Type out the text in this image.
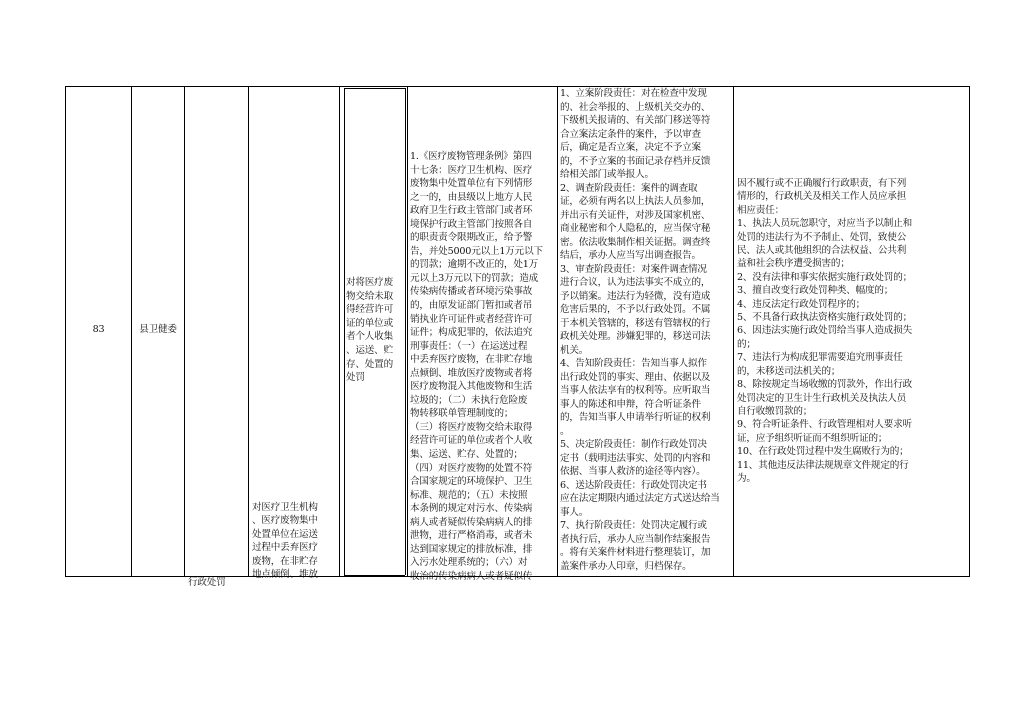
83	县卫健委
行政处罚
对医疗卫生机构
、医疗废物集中
处置单位在运送
过程中丢弃医疗
废物，在非贮存
地点倾倒、堆放
对将医疗废
物交给未取
得经营许可
证的单位或
者个人收集
、运送、贮
存、处置的
处罚
1.《医疗废物管理条例》第四
十七条：医疗卫生机构、医疗
废物集中处置单位有下列情形
之一的，由县级以上地方人民
政府卫生行政主管部门或者环
境保护行政主管部门按照各自
的职责责令限期改正，给予警
告，并处5000元以上1万元以下
的罚款；逾期不改正的，处1万
元以上3万元以下的罚款；造成
传染病传播或者环境污染事故
的，由原发证部门暂扣或者吊
销执业许可证件或者经营许可
证件；构成犯罪的，依法追究
刑事责任：（一）在运送过程
中丢弃医疗废物，在非贮存地
点倾倒、堆放医疗废物或者将
医疗废物混入其他废物和生活
垃圾的；（二）未执行危险废
物转移联单管理制度的；
（三）将医疗废物交给未取得
经营许可证的单位或者个人收
集、运送、贮存、处置的；
（四）对医疗废物的处置不符
合国家规定的环境保护、卫生
标准、规范的；（五）未按照
本条例的规定对污水、传染病
病人或者疑似传染病病人的排
泄物，进行严格消毒，或者未
达到国家规定的排放标准，排
入污水处理系统的；（六）对
收治的传染病病人或者疑似传
1、立案阶段责任：对在检查中发现
的、社会举报的、上级机关交办的、
下级机关报请的、有关部门移送等符
合立案法定条件的案件，予以审查
后，确定是否立案，决定不予立案
的，不予立案的书面记录存档并反馈
给相关部门或举报人。
2、调查阶段责任：案件的调查取
证，必须有两名以上执法人员参加，
并出示有关证件，对涉及国家机密、
商业秘密和个人隐私的，应当保守秘
密。依法收集制作相关证据。调查终
结后，承办人应当写出调查报告。
3、审查阶段责任：对案件调查情况
进行合议，认为违法事实不成立的，
予以销案。违法行为轻微，没有造成
危害后果的，不予以行政处罚。不属
于本机关管辖的，移送有管辖权的行
政机关处理。涉嫌犯罪的，移送司法
机关。
4、告知阶段责任：告知当事人拟作
出行政处罚的事实、理由、依据以及
当事人依法享有的权利等。应听取当
事人的陈述和申辩，符合听证条件
的，告知当事人申请举行听证的权利
。
5、决定阶段责任：制作行政处罚决
定书（载明违法事实、处罚的内容和
依据、当事人救济的途径等内容）。
6、送达阶段责任：行政处罚决定书
应在法定期限内通过法定方式送达给当
事人。
7、执行阶段责任：处罚决定履行或
者执行后，承办人应当制作结案报告
。将有关案件材料进行整理装订，加
盖案件承办人印章，归档保存。
因不履行或不正确履行行政职责，有下列
情形的，行政机关及相关工作人员应承担
相应责任：
1、执法人员玩忽职守，对应当予以制止和
处罚的违法行为不予制止、处罚，致使公
民、法人或其他组织的合法权益、公共利
益和社会秩序遭受损害的；
2、没有法律和事实依据实施行政处罚的；
3、擅自改变行政处罚种类、幅度的；
4、违反法定行政处罚程序的；
5、不具备行政执法资格实施行政处罚的；
6、因违法实施行政处罚给当事人造成损失
的；
7、违法行为构成犯罪需要追究刑事责任
的，未移送司法机关的；
8、除按规定当场收缴的罚款外，作出行政
处罚决定的卫生计生行政机关及执法人员
自行收缴罚款的；
9、符合听证条件、行政管理相对人要求听
证，应予组织听证而不组织听证的；
10、在行政处罚过程中发生腐败行为的；
11、其他违反法律法规规章文件规定的行
为。
